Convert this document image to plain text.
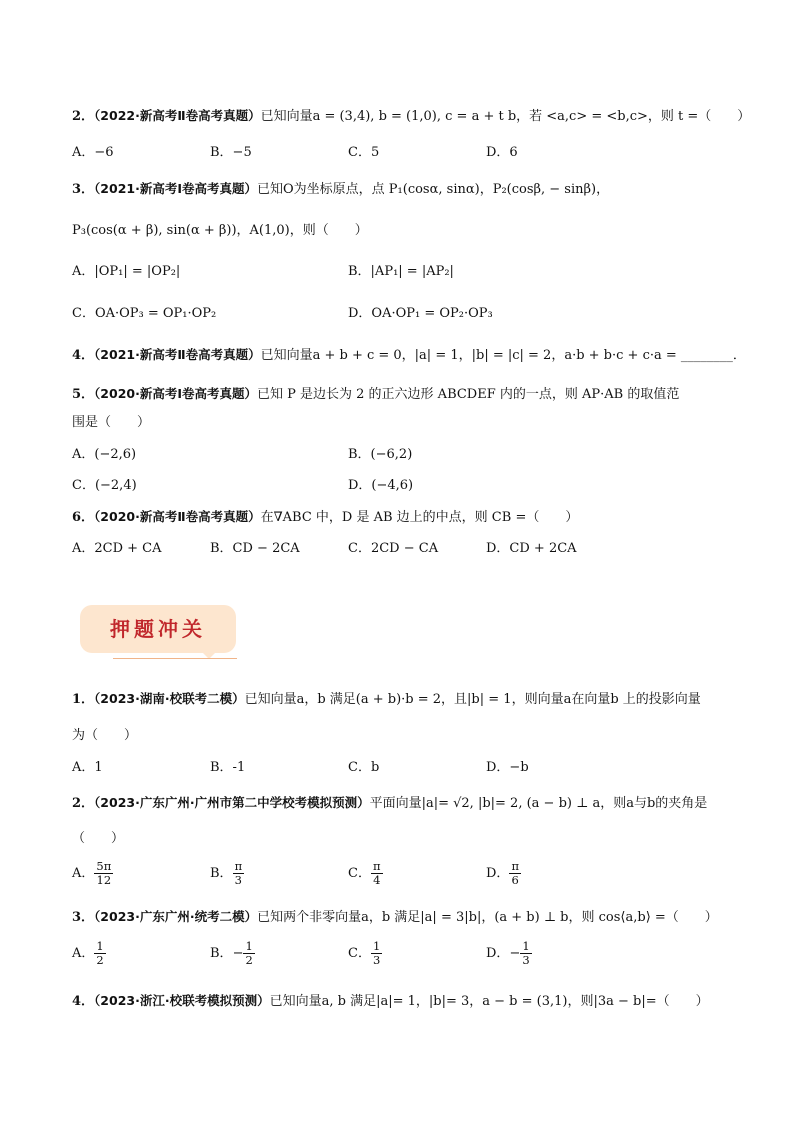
2．（2022·新高考Ⅱ卷高考真题）已知向量a = (3,4), b = (1,0), c = a + t b，若 <a,c> = <b,c>，则 t =（　　）
A．−6	B．−5	C．5	D．6
3．（2021·新高考Ⅰ卷高考真题）已知O为坐标原点，点 P₁(cosα, sinα)，P₂(cosβ, − sinβ)，
P₃(cos(α + β), sin(α + β))，A(1,0)，则（　　）
A．|OP₁| = |OP₂|	B．|AP₁| = |AP₂|
C．OA·OP₃ = OP₁·OP₂	D．OA·OP₁ = OP₂·OP₃
4．（2021·新高考Ⅱ卷高考真题）已知向量a + b + c = 0，|a| = 1，|b| = |c| = 2，a·b + b·c + c·a = ________．
5．（2020·新高考Ⅰ卷高考真题）已知 P 是边长为 2 的正六边形 ABCDEF 内的一点，则 AP·AB 的取值范
围是（　　）
A．(−2,6)	B．(−6,2)
C．(−2,4)	D．(−4,6)
6．（2020·新高考Ⅱ卷高考真题）在∇ABC 中，D 是 AB 边上的中点，则 CB =（　　）
A．2CD + CA	B．CD − 2CA	C．2CD − CA	D．CD + 2CA
押题冲关
1．（2023·湖南·校联考二模）已知向量a，b 满足(a + b)·b = 2，且|b| = 1，则向量a在向量b 上的投影向量
为（　　）
A．1	B．-1	C．b	D．−b
2．（2023·广东广州·广州市第二中学校考模拟预测）平面向量|a|= √2, |b|= 2, (a − b) ⊥ a，则a与b的夹角是
（　　）
A． $\frac{5\pi}{12}$	B． $\frac{\pi}{3}$	C． $\frac{\pi}{4}$	D． $\frac{\pi}{6}$
3．（2023·广东广州·统考二模）已知两个非零向量a，b 满足|a| = 3|b|，(a + b) ⊥ b，则 cos⟨a,b⟩ =（　　）
A． $\frac{1}{2}$	B．− $\frac{1}{2}$	C． $\frac{1}{3}$	D．− $\frac{1}{3}$
4．（2023·浙江·校联考模拟预测）已知向量a, b 满足|a|= 1，|b|= 3，a − b = (3,1)，则|3a − b|=（　　）
